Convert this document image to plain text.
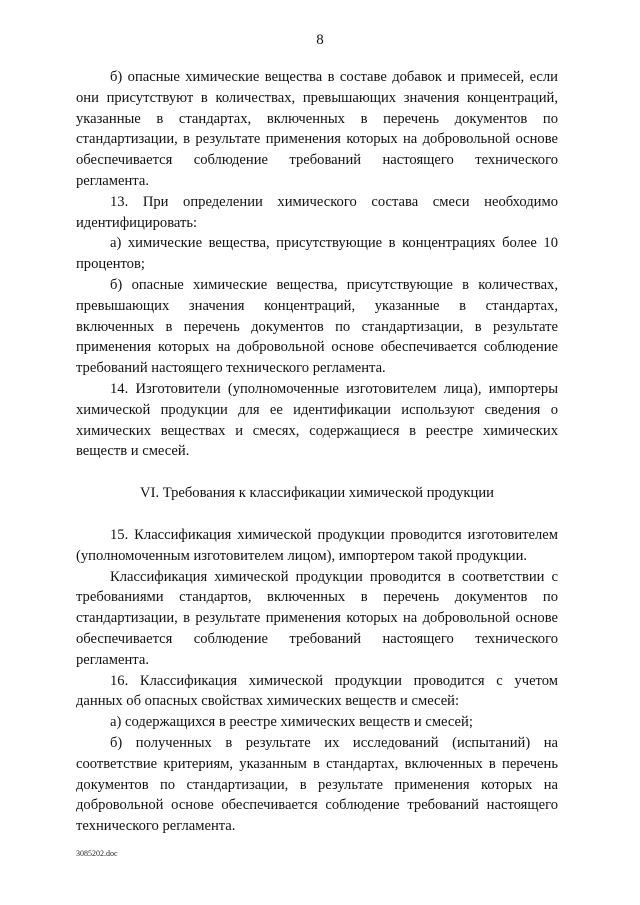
8

б) опасные химические вещества в составе добавок и примесей, если они присутствуют в количествах, превышающих значения концентраций, указанные в стандартах, включенных в перечень документов по стандартизации, в результате применения которых на добровольной основе обеспечивается соблюдение требований настоящего технического регламента.

13. При определении химического состава смеси необходимо идентифицировать:

а) химические вещества, присутствующие в концентрациях более 10 процентов;

б) опасные химические вещества, присутствующие в количествах, превышающих значения концентраций, указанные в стандартах, включенных в перечень документов по стандартизации, в результате применения которых на добровольной основе обеспечивается соблюдение требований настоящего технического регламента.

14. Изготовители (уполномоченные изготовителем лица), импортеры химической продукции для ее идентификации используют сведения о химических веществах и смесях, содержащиеся в реестре химических веществ и смесей.

VI. Требования к классификации химической продукции

15. Классификация химической продукции проводится изготовителем (уполномоченным изготовителем лицом), импортером такой продукции.

Классификация химической продукции проводится в соответствии с требованиями стандартов, включенных в перечень документов по стандартизации, в результате применения которых на добровольной основе обеспечивается соблюдение требований настоящего технического регламента.

16. Классификация химической продукции проводится с учетом данных об опасных свойствах химических веществ и смесей:

а) содержащихся в реестре химических веществ и смесей;

б) полученных в результате их исследований (испытаний) на соответствие критериям, указанным в стандартах, включенных в перечень документов по стандартизации, в результате применения которых на добровольной основе обеспечивается соблюдение требований настоящего технического регламента.

3085202.doc
